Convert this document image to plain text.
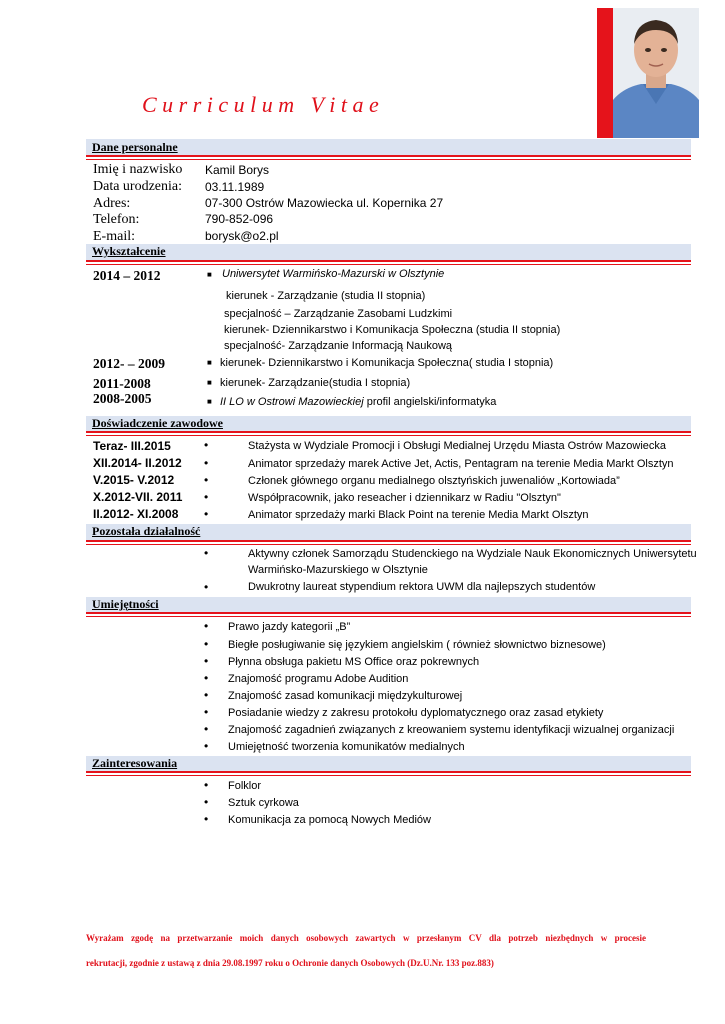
C u r r i c u l u m   V i t a e
Dane personalne
Imię i nazwisko Kamil Borys
Data urodzenia: 03.11.1989
Adres:	07-300 Ostrów Mazowiecka ul. Kopernika 27
Telefon:	790-852-096
E-mail:	borysk@o2.pl
Wykształcenie
2014 – 2012	■ Uniwersytet Warmińsko-Mazurski w Olsztynie
kierunek - Zarządzanie (studia II stopnia)
specjalność – Zarządzanie Zasobami Ludzkimi
kierunek- Dziennikarstwo i Komunikacja Społeczna (studia II stopnia)
specjalność- Zarządzanie Informacją Naukową
2012- – 2009	■ kierunek- Dziennikarstwo i Komunikacja Społeczna( studia I stopnia)
2011-2008	■ kierunek- Zarządzanie(studia I stopnia)
2008-2005	■ II LO w Ostrowi Mazowieckiej profil angielski/informatyka
Doświadczenie zawodowe
Teraz- III.2015	•	Stażysta w Wydziale Promocji i Obsługi Medialnej Urzędu Miasta Ostrów Mazowiecka
XII.2014- II.2012 •	Animator sprzedaży marek Active Jet, Actis, Pentagram na terenie Media Markt Olsztyn
V.2015- V.2012 •	Członek głównego organu medialnego olsztyńskich juwenaliów „Kortowiada”
X.2012-VII. 2011 •	Współpracownik, jako reseacher i dziennikarz w Radiu "Olsztyn"
II.2012- XI.2008 •	Animator sprzedaży marki Black Point na terenie Media Markt Olsztyn
Pozostała działalność
•	Aktywny członek Samorządu Studenckiego na Wydziale Nauk Ekonomicznych Uniwersytetu
Warmińsko-Mazurskiego w Olsztynie
•	Dwukrotny laureat stypendium rektora UWM dla najlepszych studentów
Umiejętności
• Prawo jazdy kategorii „B”
• Biegłe posługiwanie się językiem angielskim ( również słownictwo biznesowe)
• Płynna obsługa pakietu MS Office oraz pokrewnych
• Znajomość programu Adobe Audition
• Znajomość zasad komunikacji międzykulturowej
• Posiadanie wiedzy z zakresu protokołu dyplomatycznego oraz zasad etykiety
• Znajomość zagadnień związanych z kreowaniem systemu identyfikacji wizualnej organizacji
• Umiejętność tworzenia komunikatów medialnych
Zainteresowania
• Folklor
• Sztuk cyrkowa
• Komunikacja za pomocą Nowych Mediów
Wyrażam zgodę na przetwarzanie moich danych osobowych zawartych w przesłanym CV dla potrzeb niezbędnych w procesie
rekrutacji, zgodnie z ustawą z dnia 29.08.1997 roku o Ochronie danych Osobowych (Dz.U.Nr. 133 poz.883)
